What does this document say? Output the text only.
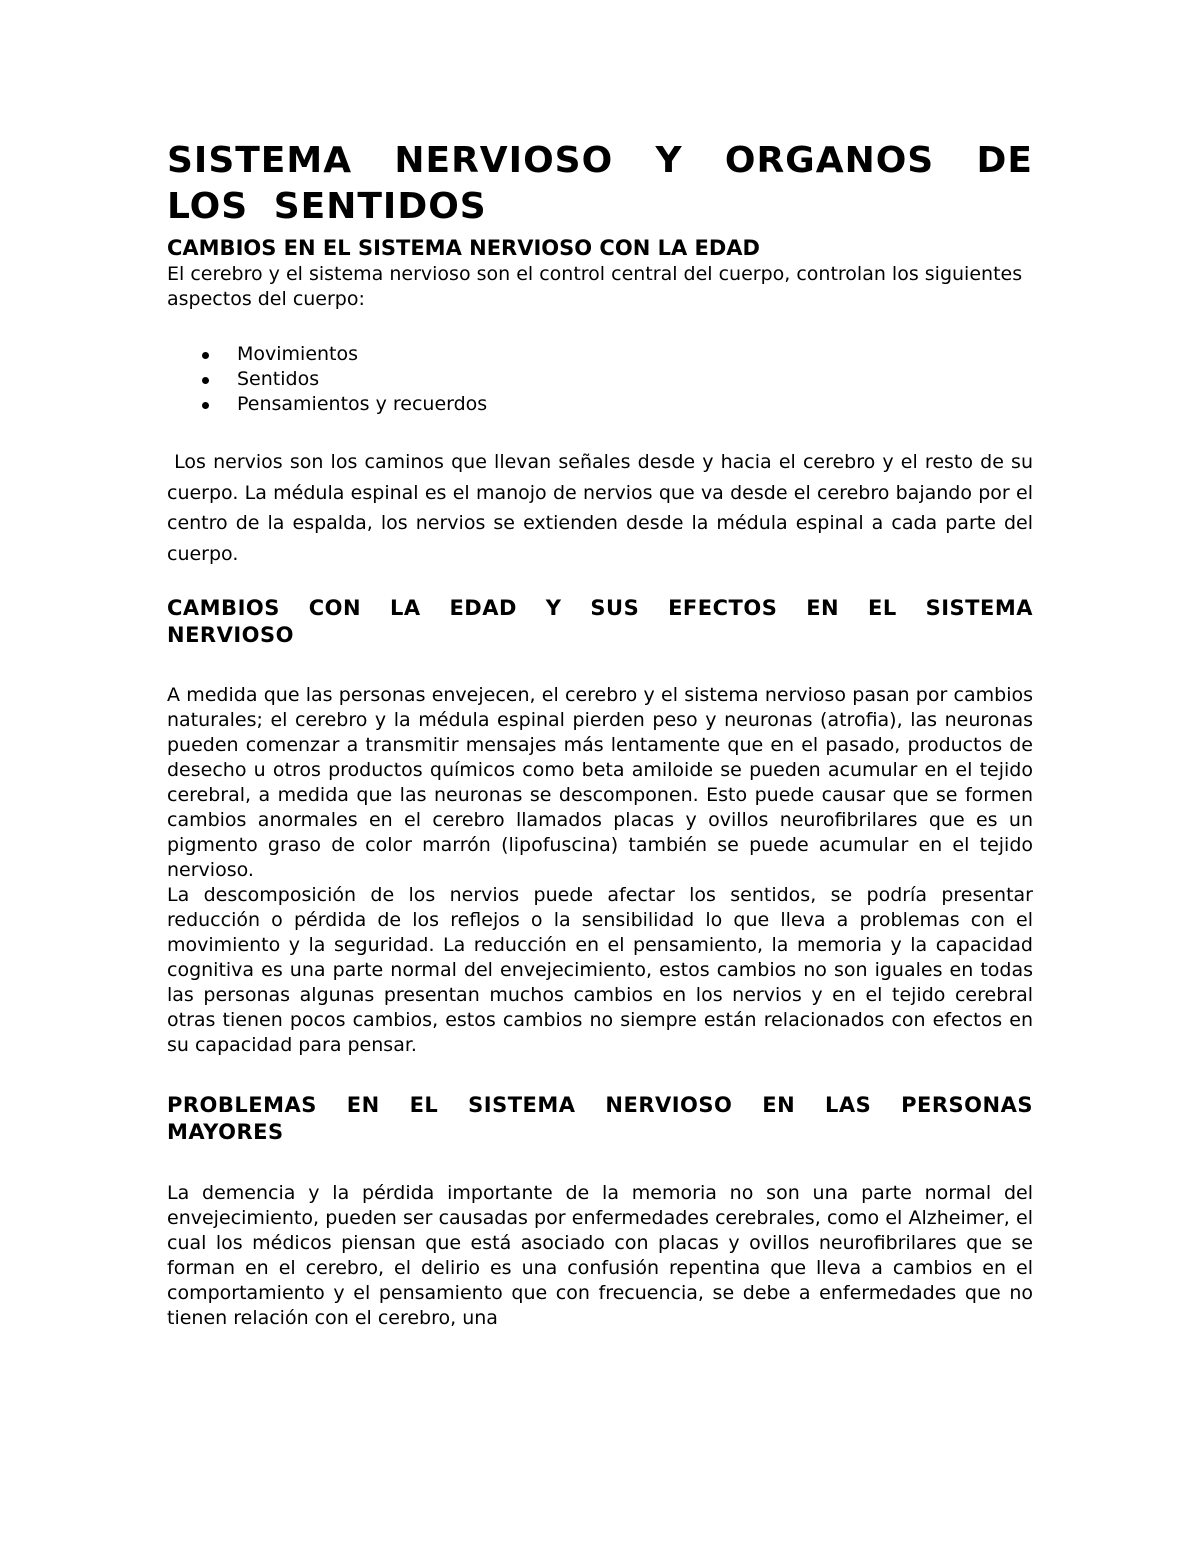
SISTEMA NERVIOSO Y ORGANOS DE LOS SENTIDOS
CAMBIOS EN EL SISTEMA NERVIOSO CON LA EDAD

El cerebro y el sistema nervioso son el control central del cuerpo, controlan los siguientes aspectos del cuerpo:

Movimientos
Sentidos
Pensamientos y recuerdos

Los nervios son los caminos que llevan señales desde y hacia el cerebro y el resto de su cuerpo. La médula espinal es el manojo de nervios que va desde el cerebro bajando por el centro de la espalda, los nervios se extienden desde la médula espinal a cada parte del cuerpo.

CAMBIOS CON LA EDAD Y SUS EFECTOS EN EL SISTEMA NERVIOSO

A medida que las personas envejecen, el cerebro y el sistema nervioso pasan por cambios naturales; el cerebro y la médula espinal pierden peso y neuronas (atrofia), las neuronas pueden comenzar a transmitir mensajes más lentamente que en el pasado, productos de desecho u otros productos químicos como beta amiloide se pueden acumular en el tejido cerebral, a medida que las neuronas se descomponen. Esto puede causar que se formen cambios anormales en el cerebro llamados placas y ovillos neurofibrilares que es un pigmento graso de color marrón (lipofuscina) también se puede acumular en el tejido nervioso.

La descomposición de los nervios puede afectar los sentidos, se podría presentar reducción o pérdida de los reflejos o la sensibilidad lo que lleva a problemas con el movimiento y la seguridad. La reducción en el pensamiento, la memoria y la capacidad cognitiva es una parte normal del envejecimiento, estos cambios no son iguales en todas las personas algunas presentan muchos cambios en los nervios y en el tejido cerebral otras tienen pocos cambios, estos cambios no siempre están relacionados con efectos en su capacidad para pensar.

PROBLEMAS EN EL SISTEMA NERVIOSO EN LAS PERSONAS MAYORES

La demencia y la pérdida importante de la memoria no son una parte normal del envejecimiento, pueden ser causadas por enfermedades cerebrales, como el Alzheimer, el cual los médicos piensan que está asociado con placas y ovillos neurofibrilares que se forman en el cerebro, el delirio es una confusión repentina que lleva a cambios en el comportamiento y el pensamiento que con frecuencia, se debe a enfermedades que no tienen relación con el cerebro, una
